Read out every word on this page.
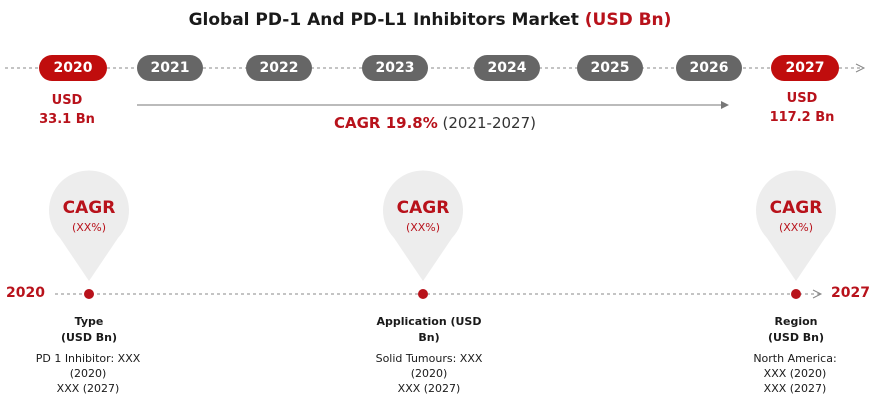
Global PD-1 And PD-L1 Inhibitors Market (USD Bn)
2020	2021	2022	2023	2024	2025	2026	2027
USD
33.1 Bn
USD
117.2 Bn
CAGR 19.8% (2021-2027)
CAGR
(XX%)
CAGR
(XX%)
CAGR
(XX%)
2020	2027
Type
(USD Bn)
Application (USD
Bn)
Region
(USD Bn)
PD 1 Inhibitor: XXX
(2020)
XXX (2027)
Solid Tumours: XXX
(2020)
XXX (2027)
North America:
XXX (2020)
XXX (2027)
